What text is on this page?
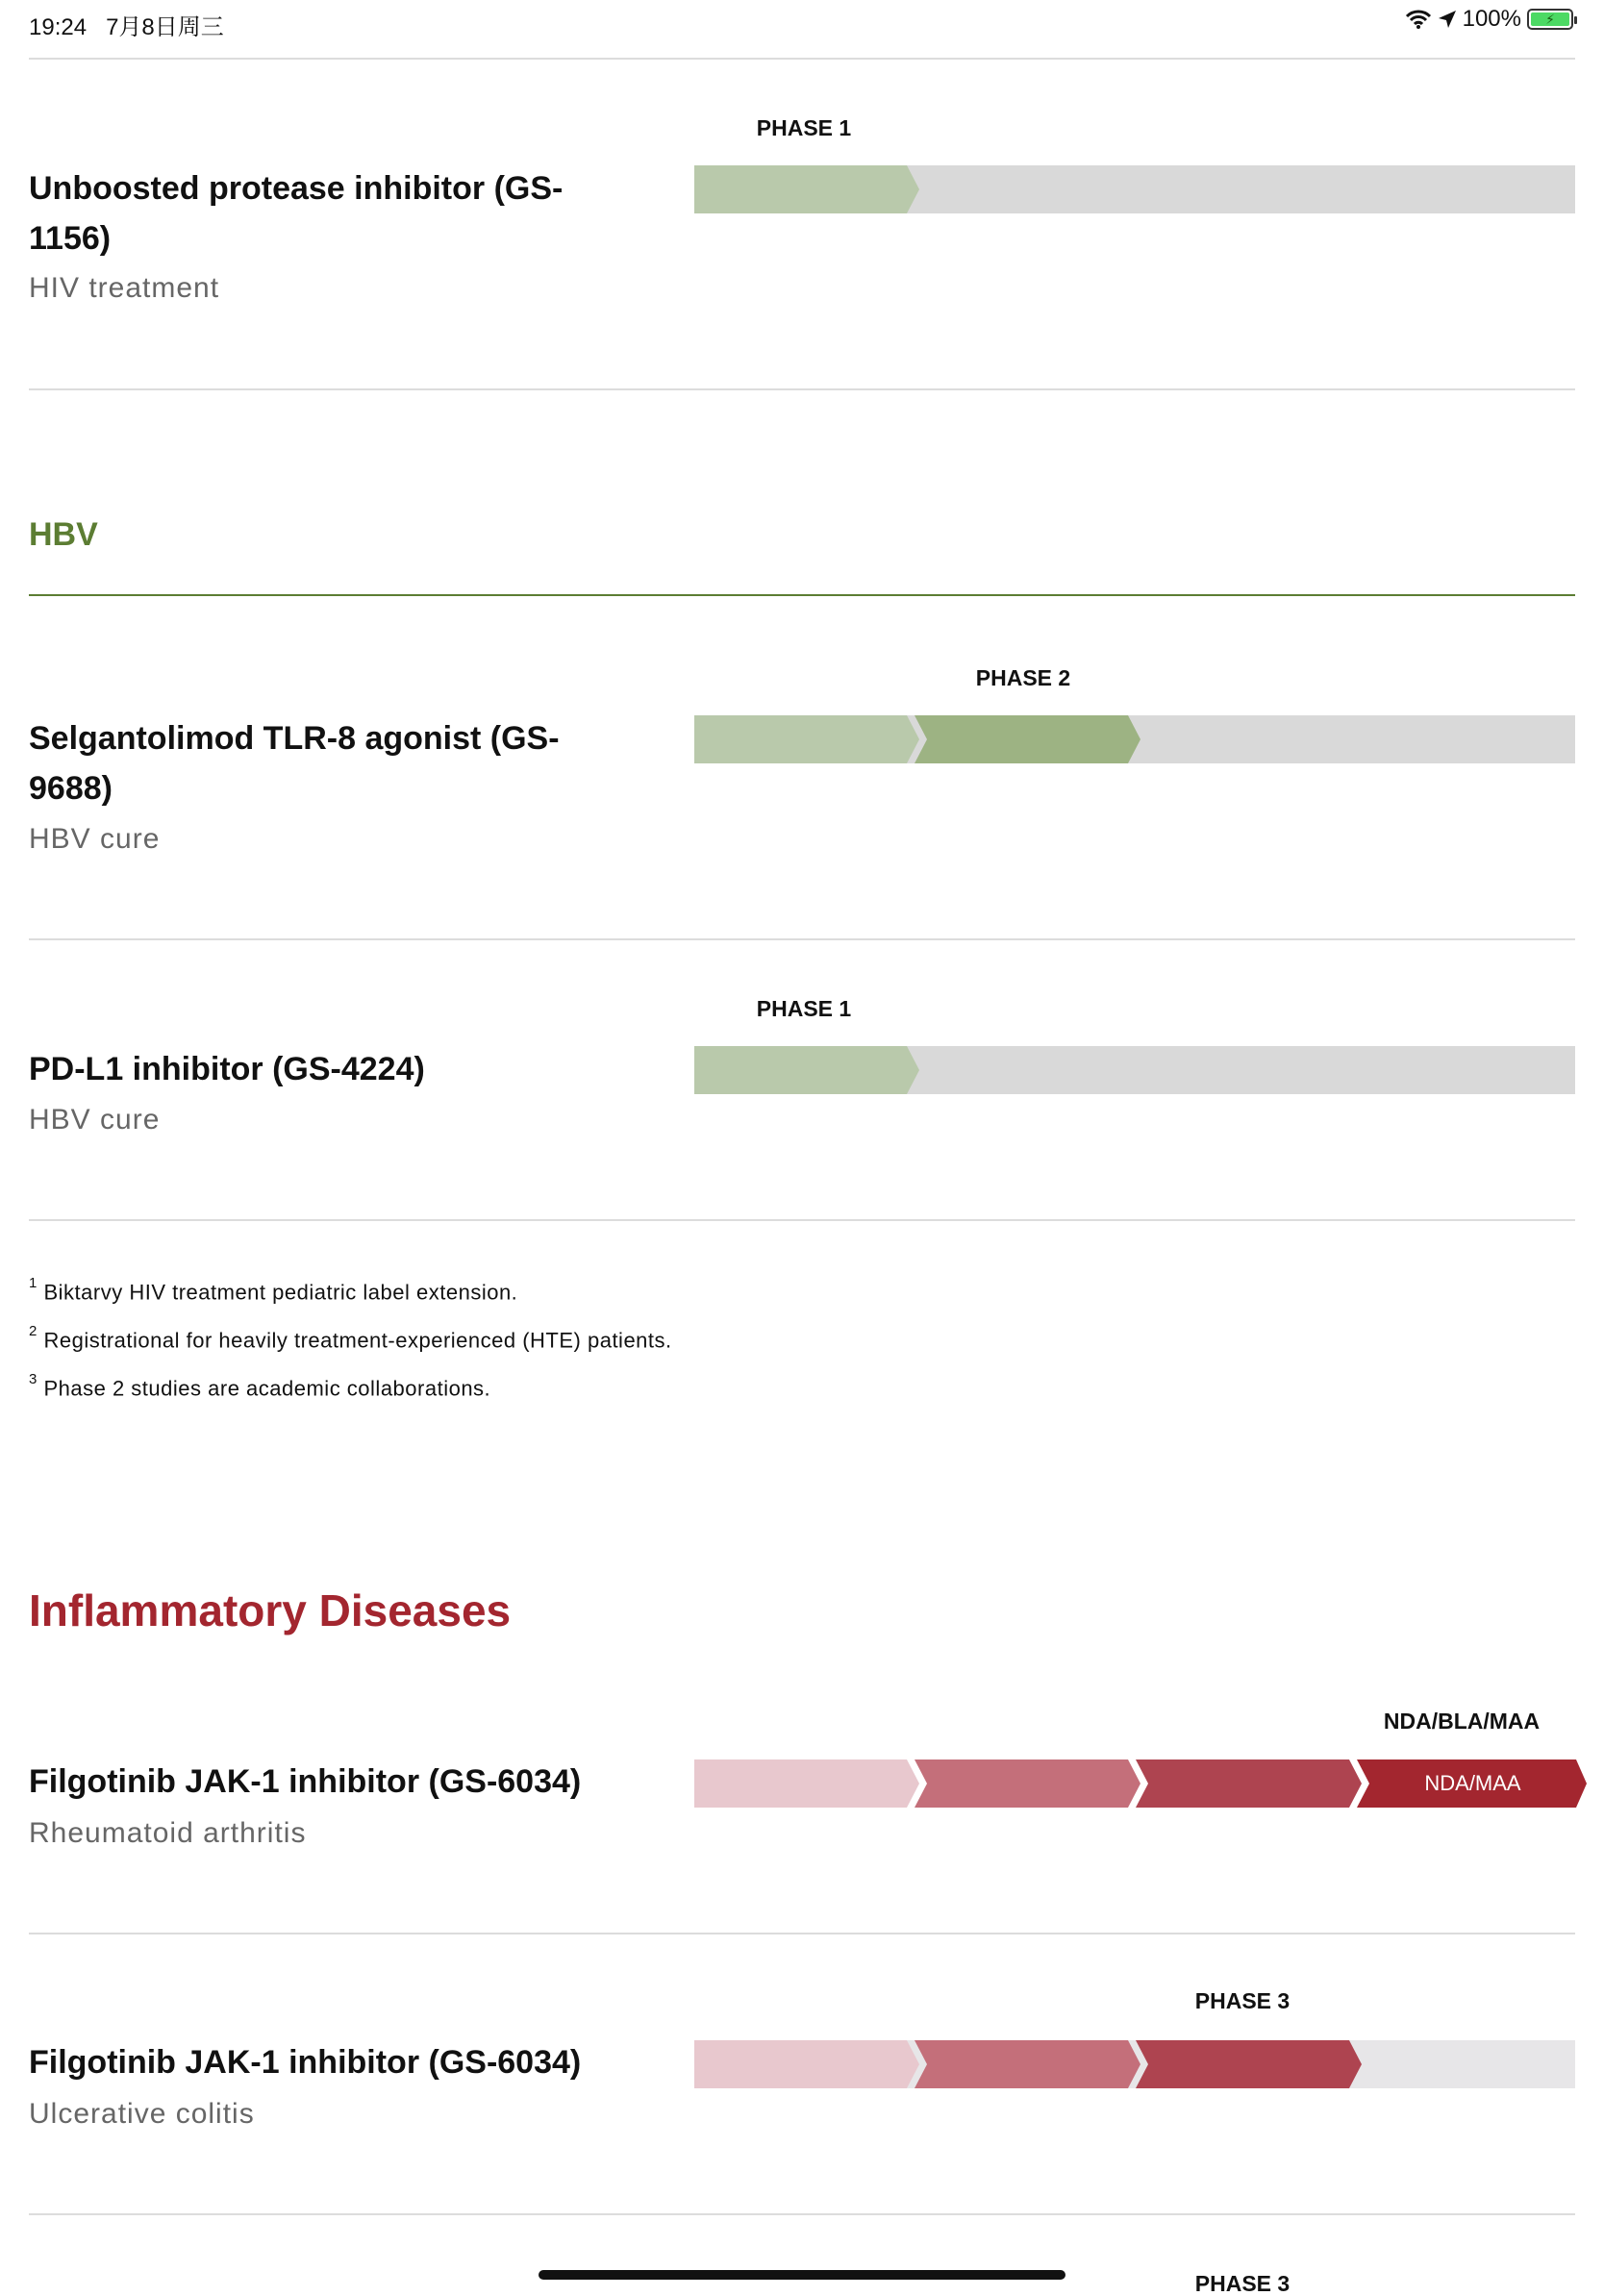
19:24 7月8日周三	100%	⚡
PHASE 1
Unboosted protease inhibitor (GS-1156)
HIV treatment
HBV
PHASE 2
Selgantolimod TLR-8 agonist (GS-9688)
HBV cure
PHASE 1
PD-L1 inhibitor (GS-4224)
HBV cure
$^1$ Biktarvy HIV treatment pediatric label extension.
$^2$ Registrational for heavily treatment-experienced (HTE) patients.
$^3$ Phase 2 studies are academic collaborations.
Inflammatory Diseases
NDA/BLA/MAA
Filgotinib JAK-1 inhibitor (GS-6034)
Rheumatoid arthritis
NDA/MAA
PHASE 3
Filgotinib JAK-1 inhibitor (GS-6034)
Ulcerative colitis
PHASE 3
